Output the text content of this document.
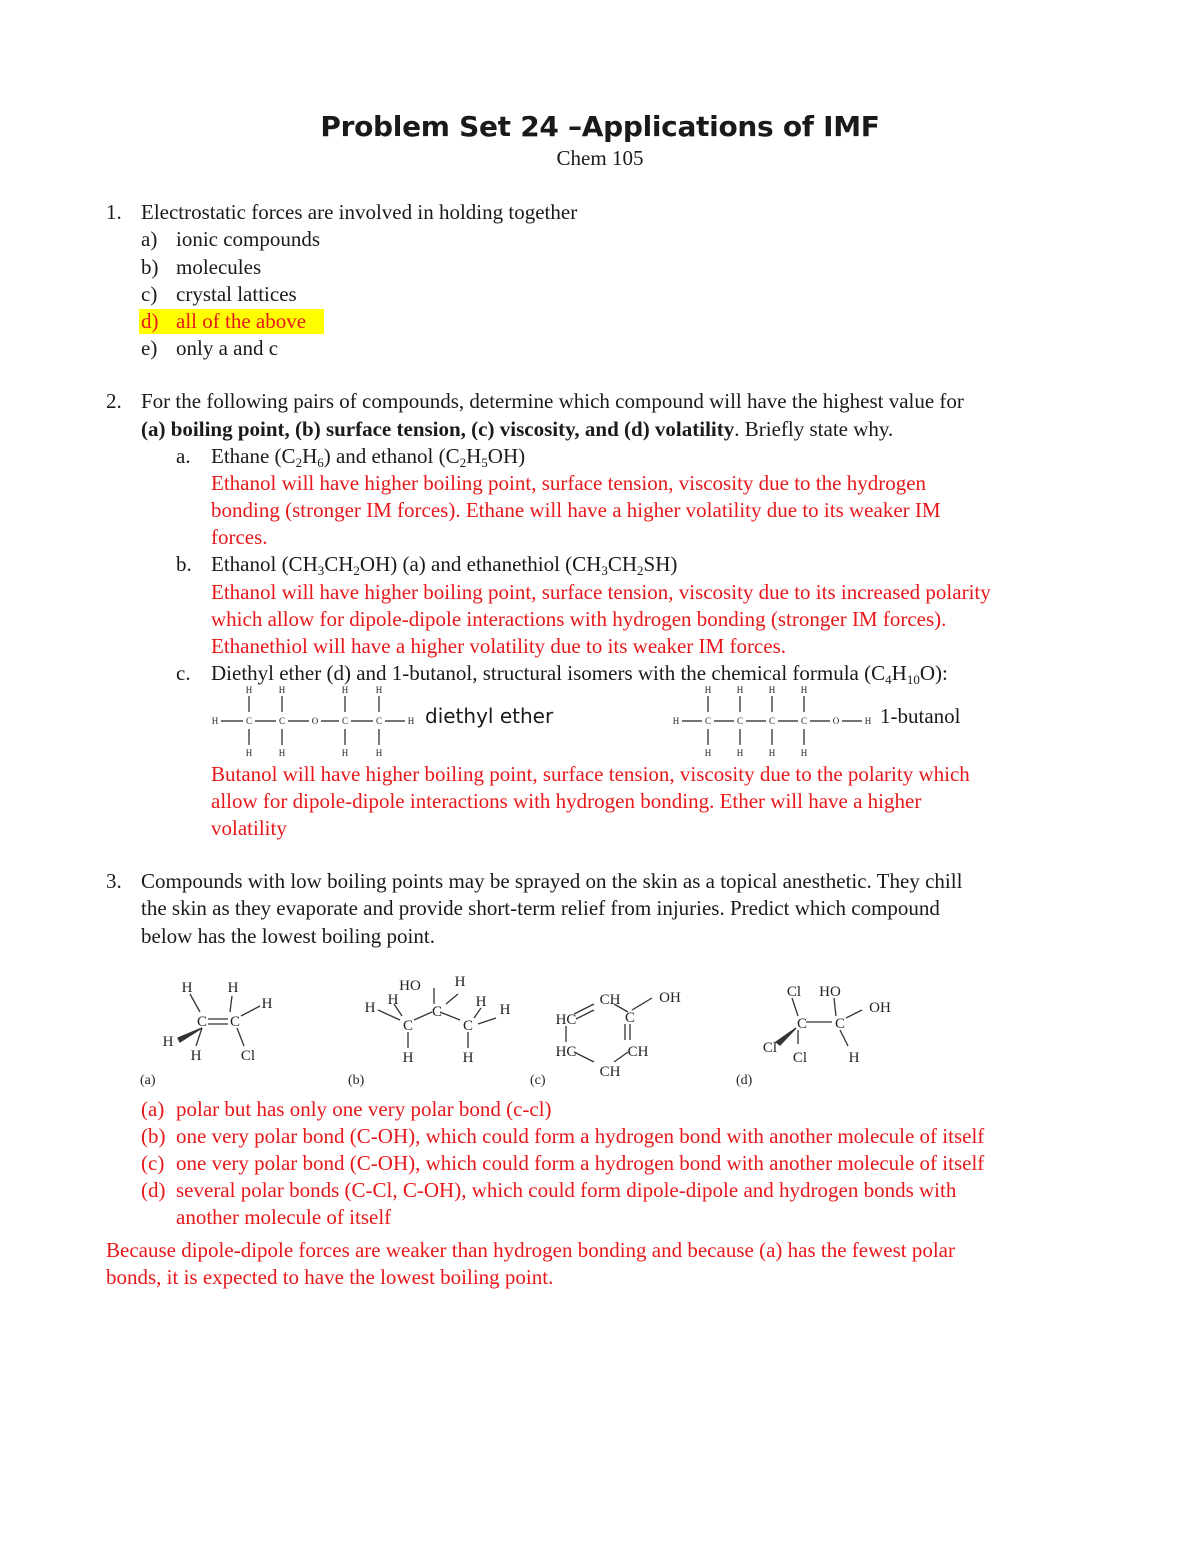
Problem Set 24 –Applications of IMF
Chem 105
1. Electrostatic forces are involved in holding together
a) ionic compounds
b) molecules
c) crystal lattices
d) all of the above
e) only a and c
2. For the following pairs of compounds, determine which compound will have the highest value for
(a) boiling point, (b) surface tension, (c) viscosity, and (d) volatility. Briefly state why.
a. Ethane $(C_2H_6)$ and ethanol $(C_2H_5OH)$
Ethanol will have higher boiling point, surface tension, viscosity due to the hydrogen
bonding (stronger IM forces). Ethane will have a higher volatility due to its weaker IM
forces.
b. Ethanol $(CH_3CH_2OH)$ (a) and ethanethiol $(CH_3CH_2SH)$
Ethanol will have higher boiling point, surface tension, viscosity due to its increased polarity
which allow for dipole-dipole interactions with hydrogen bonding (stronger IM forces).
Ethanethiol will have a higher volatility due to its weaker IM forces.
c. Diethyl ether (d) and 1-butanol, structural isomers with the chemical formula $(C_4H_{10}O)$:
H	C	C	O	C	C	H
H	H	H	H
H	H	H	H
diethyl ether	H	C	C	C	C	O	H
H	H	H	H
H	H	H	H
1-butanol
Butanol will have higher boiling point, surface tension, viscosity due to the polarity which
allow for dipole-dipole interactions with hydrogen bonding. Ether will have a higher
volatility
3. Compounds with low boiling points may be sprayed on the skin as a topical anesthetic. They chill
the skin as they evaporate and provide short-term relief from injuries. Predict which compound
below has the lowest boiling point.
H H
H
C C
H
H	Cl
(a)
HO H
H H	H H
C
C
C
H	H
(b)
CH	OH
HC	C
HC	CH
CH
(c)
Cl HO
OH
C C
Cl
Cl	H
(d)
(a) polar but has only one very polar bond (c-cl)
(b) one very polar bond (C-OH), which could form a hydrogen bond with another molecule of itself
(c) one very polar bond (C-OH), which could form a hydrogen bond with another molecule of itself
(d) several polar bonds (C-Cl, C-OH), which could form dipole-dipole and hydrogen bonds with
another molecule of itself
Because dipole-dipole forces are weaker than hydrogen bonding and because (a) has the fewest polar
bonds, it is expected to have the lowest boiling point.
